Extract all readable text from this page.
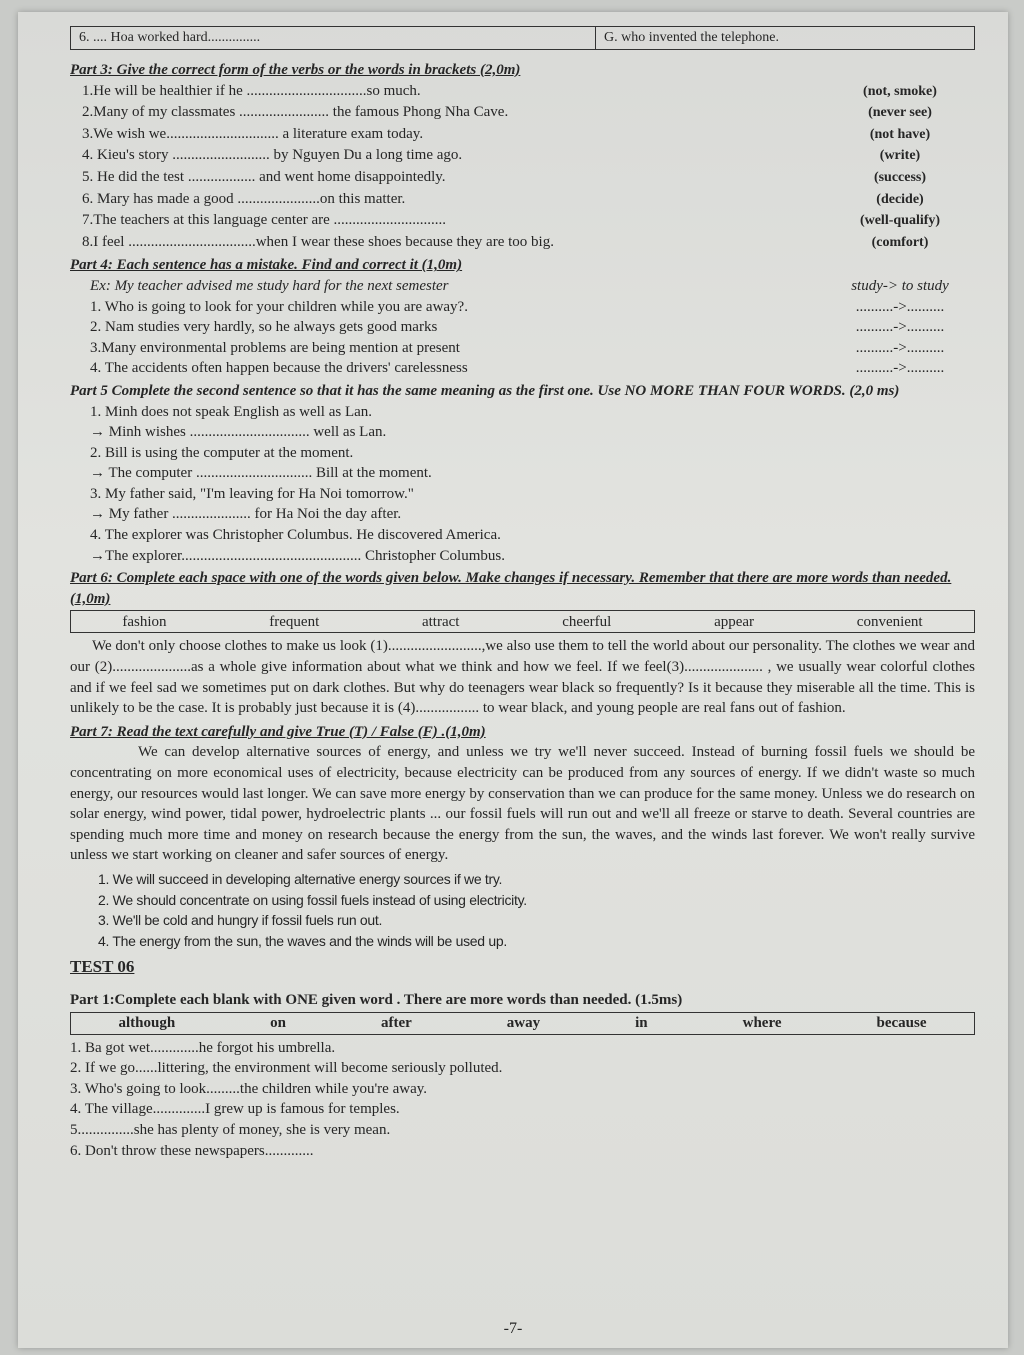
6. .... Hoa worked hard...............	G. who invented the telephone.
Part 3: Give the correct form of the verbs or the words in brackets (2,0m)
1.He will be healthier if he ................................so much.	(not, smoke)
2.Many of my classmates ........................ the famous Phong Nha Cave.	(never see)
3.We wish we.............................. a literature exam today.	(not have)
4. Kieu's story .......................... by Nguyen Du a long time ago.	(write)
5. He did the test .................. and went home disappointedly.	(success)
6. Mary has made a good ......................on this matter.	(decide)
7.The teachers at this language center are ..............................	(well-qualify)
8.I feel ..................................when I wear these shoes because they are too big.	(comfort)
Part 4: Each sentence has a mistake. Find and correct it (1,0m)
Ex: My teacher advised me study hard for the next semester	study-> to study
1. Who is going to look for your children while you are away?.	..........->..........
2. Nam studies very hardly, so he always gets good marks	..........->..........
3.Many environmental problems are being mention at present	..........->..........
4. The accidents often happen because the drivers' carelessness	..........->..........
Part 5 Complete the second sentence so that it has the same meaning as the first one. Use NO MORE THAN FOUR WORDS. (2,0 ms)
1. Minh does not speak English as well as Lan.
→ Minh wishes ................................ well as Lan.
2. Bill is using the computer at the moment.
→ The computer ............................... Bill at the moment.
3. My father said, "I'm leaving for Ha Noi tomorrow."
→ My father ..................... for Ha Noi the day after.
4. The explorer was Christopher Columbus. He discovered America.
→The explorer................................................ Christopher Columbus.
Part 6: Complete each space with one of the words given below. Make changes if necessary. Remember that there are more words than needed. (1,0m)
fashion	frequent	attract	cheerful	appear	convenient
We don't only choose clothes to make us look (1).........................,we also use them to tell the world about our personality. The clothes we wear and our (2).....................as a whole give information about what we think and how we feel. If we feel(3)..................... , we usually wear colorful clothes and if we feel sad we sometimes put on dark clothes. But why do teenagers wear black so frequently? Is it because they miserable all the time. This is unlikely to be the case. It is probably just because it is (4)................. to wear black, and young people are real fans out of fashion.
Part 7: Read the text carefully and give True (T) / False (F) .(1,0m)
We can develop alternative sources of energy, and unless we try we'll never succeed. Instead of burning fossil fuels we should be concentrating on more economical uses of electricity, because electricity can be produced from any sources of energy. If we didn't waste so much energy, our resources would last longer. We can save more energy by conservation than we can produce for the same money. Unless we do research on solar energy, wind power, tidal power, hydroelectric plants ... our fossil fuels will run out and we'll all freeze or starve to death. Several countries are spending much more time and money on research because the energy from the sun, the waves, and the winds last forever. We won't really survive unless we start working on cleaner and safer sources of energy.
1. We will succeed in developing alternative energy sources if we try.
2. We should concentrate on using fossil fuels instead of using electricity.
3. We'll be cold and hungry if fossil fuels run out.
4. The energy from the sun, the waves and the winds will be used up.
TEST 06
Part 1:Complete each blank with ONE given word . There are more words than needed. (1.5ms)
although	on	after	away	in	where	because
1. Ba got wet.............he forgot his umbrella.
2. If we go......littering, the environment will become seriously polluted.
3. Who's going to look.........the children while you're away.
4. The village..............I grew up is famous for temples.
5...............she has plenty of money, she is very mean.
6. Don't throw these newspapers.............
-7-
